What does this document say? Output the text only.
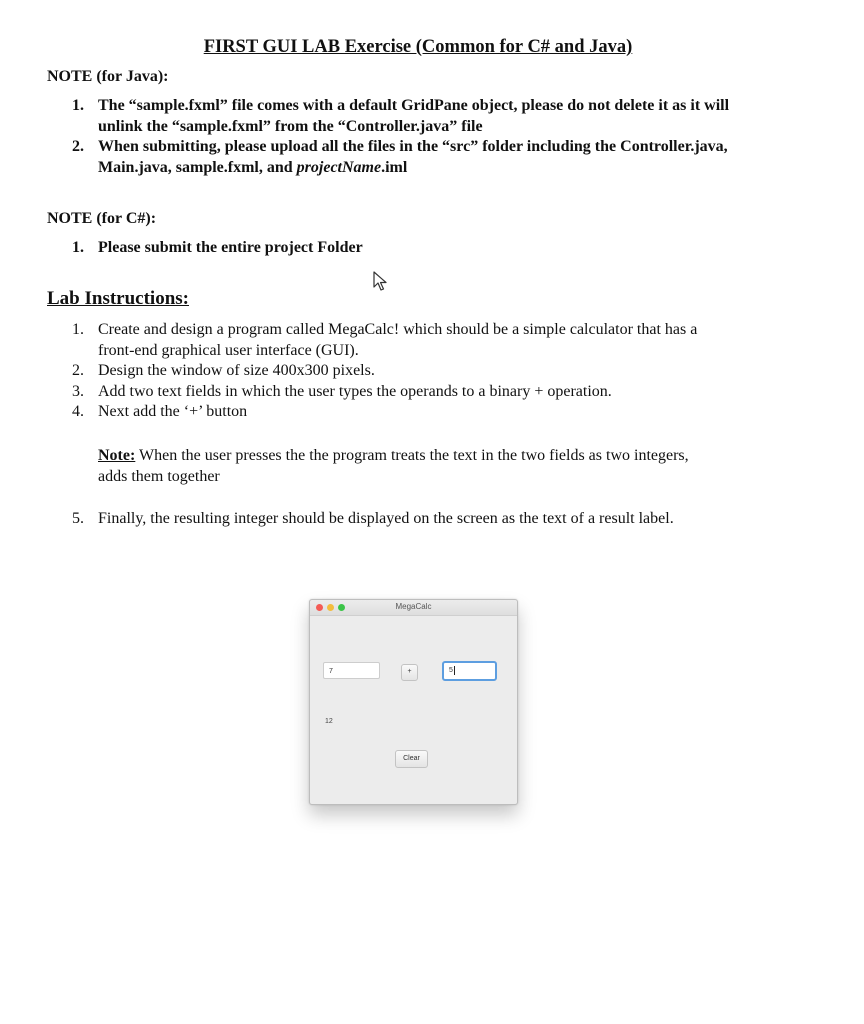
FIRST GUI LAB Exercise (Common for C# and Java)

NOTE (for Java):

1. The “sample.fxml” file comes with a default GridPane object, please do not delete it as it will unlink the “sample.fxml” from the “Controller.java” file
2. When submitting, please upload all the files in the “src” folder including the Controller.java, Main.java, sample.fxml, and projectName.iml

NOTE (for C#):

1. Please submit the entire project Folder
Lab Instructions:
1. Create and design a program called MegaCalc! which should be a simple calculator that has a front-end graphical user interface (GUI).
2. Design the window of size 400x300 pixels.
3. Add two text fields in which the user types the operands to a binary + operation.
4. Next add the ‘+’ button

Note: When the user presses the the program treats the text in the two fields as two integers, adds them together

5. Finally, the resulting integer should be displayed on the screen as the text of a result label.
MegaCalc
7	+	5
12
Clear
